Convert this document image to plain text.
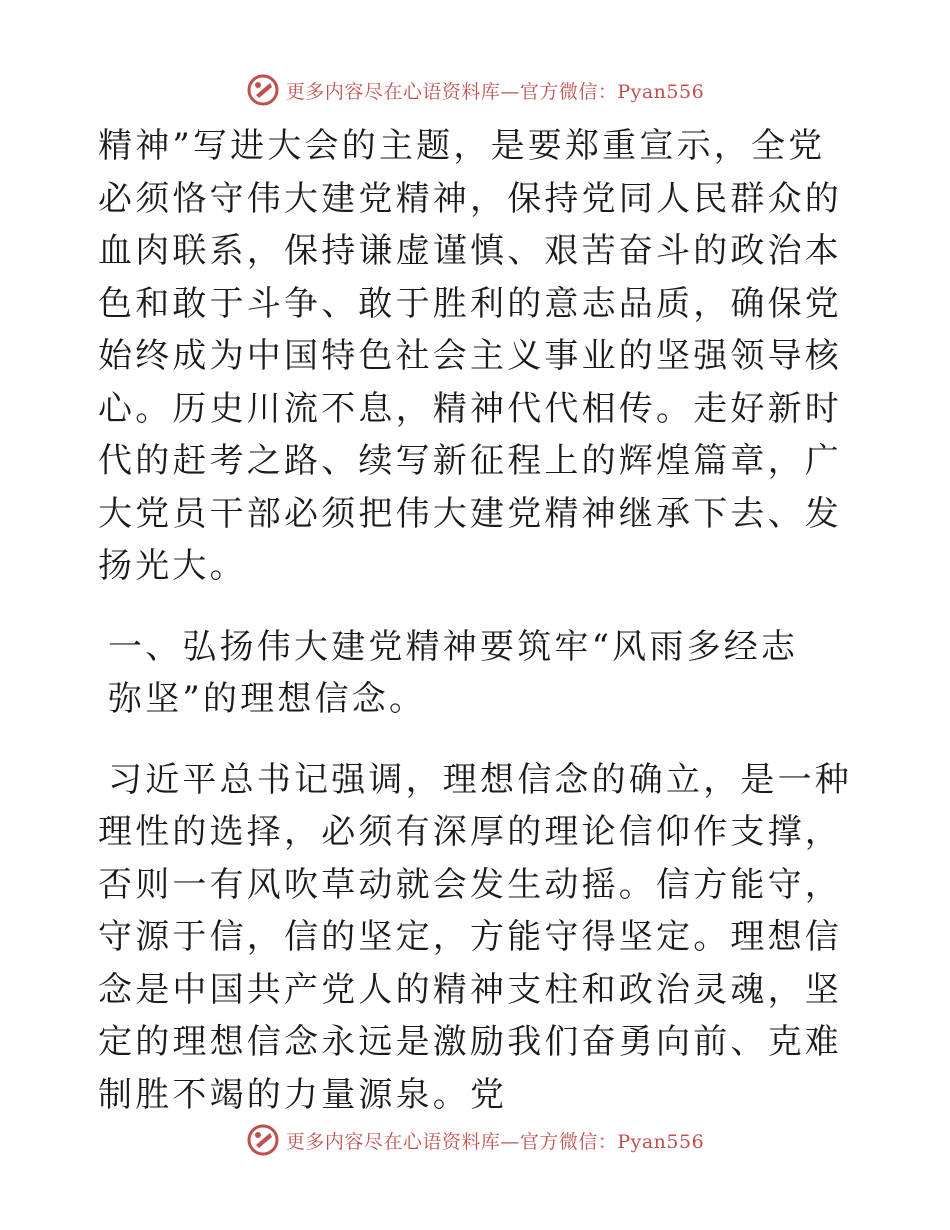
更多内容尽在心语资料库—官方微信：Pyan556

精神”写进大会的主题，是要郑重宣示，全党必须恪守伟大建党精神，保持党同人民群众的血肉联系，保持谦虚谨慎、艰苦奋斗的政治本色和敢于斗争、敢于胜利的意志品质，确保党始终成为中国特色社会主义事业的坚强领导核心。历史川流不息，精神代代相传。走好新时代的赶考之路、续写新征程上的辉煌篇章，广大党员干部必须把伟大建党精神继承下去、发扬光大。

一、弘扬伟大建党精神要筑牢“风雨多经志弥坚”的理想信念。

习近平总书记强调，理想信念的确立，是一种理性的选择，必须有深厚的理论信仰作支撑，否则一有风吹草动就会发生动摇。信方能守，守源于信，信的坚定，方能守得坚定。理想信念是中国共产党人的精神支柱和政治灵魂，坚定的理想信念永远是激励我们奋勇向前、克难制胜不竭的力量源泉。党

更多内容尽在心语资料库—官方微信：Pyan556
